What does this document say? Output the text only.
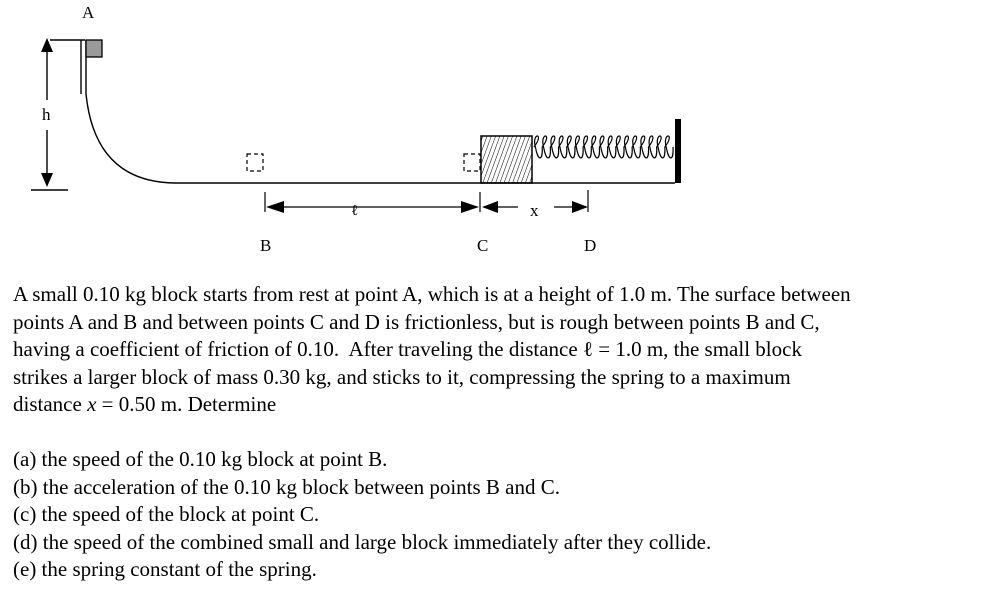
h
A
ℓ	x
B	C	D

A small 0.10 kg block starts from rest at point A, which is at a height of 1.0 m. The surface between

points A and B and between points C and D is frictionless, but is rough between points B and C,

having a coefficient of friction of 0.10.  After traveling the distance ℓ = 1.0 m, the small block

strikes a larger block of mass 0.30 kg, and sticks to it, compressing the spring to a maximum

distance x = 0.50 m. Determine

(a) the speed of the 0.10 kg block at point B.
(b) the acceleration of the 0.10 kg block between points B and C.
(c) the speed of the block at point C.
(d) the speed of the combined small and large block immediately after they collide.
(e) the spring constant of the spring.
